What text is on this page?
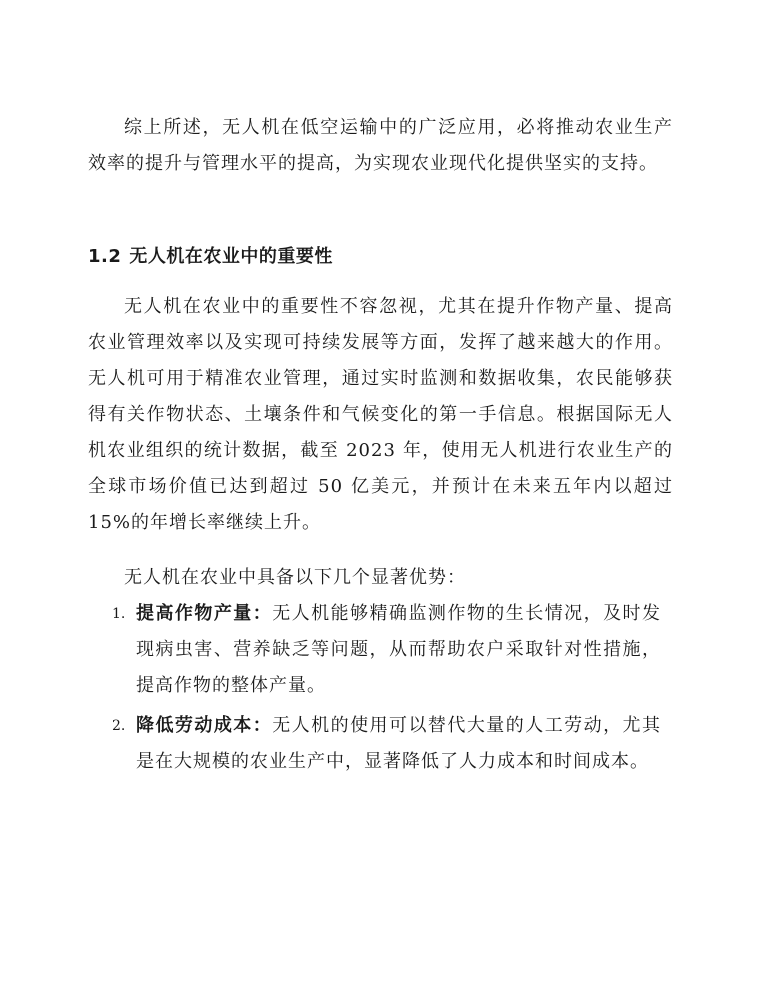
综上所述，无人机在低空运输中的广泛应用，必将推动农业生产效率的提升与管理水平的提高，为实现农业现代化提供坚实的支持。

1.2 无人机在农业中的重要性

无人机在农业中的重要性不容忽视，尤其在提升作物产量、提高农业管理效率以及实现可持续发展等方面，发挥了越来越大的作用。无人机可用于精准农业管理，通过实时监测和数据收集，农民能够获得有关作物状态、土壤条件和气候变化的第一手信息。根据国际无人机农业组织的统计数据，截至 2023 年，使用无人机进行农业生产的全球市场价值已达到超过 50 亿美元，并预计在未来五年内以超过 15%的年增长率继续上升。

无人机在农业中具备以下几个显著优势：

1. 提高作物产量：无人机能够精确监测作物的生长情况，及时发现病虫害、营养缺乏等问题，从而帮助农户采取针对性措施，提高作物的整体产量。

2. 降低劳动成本：无人机的使用可以替代大量的人工劳动，尤其是在大规模的农业生产中，显著降低了人力成本和时间成本。
